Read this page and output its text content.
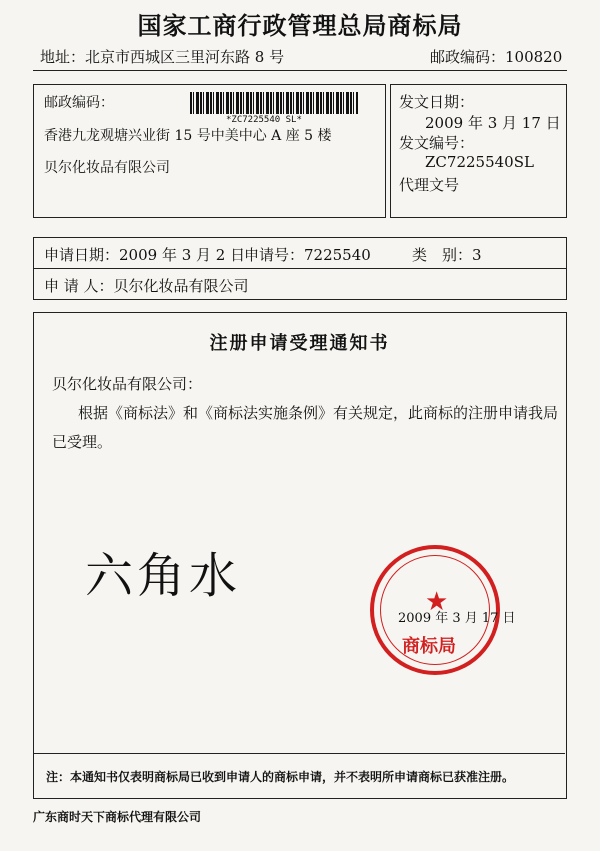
国家工商行政管理总局商标局
地址：北京市西城区三里河东路 8 号	邮政编码：100820
邮政编码：
香港九龙观塘兴业街 15 号中美中心 A 座 5 楼
贝尔化妆品有限公司
*ZC7225540 SL*
发文日期：
2009 年 3 月 17 日
发文编号：
ZC7225540SL
代理文号
申请日期：2009 年 3 月 2 日
申请号：7225540	类　别：3
申 请 人：贝尔化妆品有限公司
注册申请受理通知书
贝尔化妆品有限公司：
根据《商标法》和《商标法实施条例》有关规定，此商标的注册申请我局
已受理。
注：本通知书仅表明商标局已收到申请人的商标申请，并不表明所申请商标已获准注册。
六角水	★
商标局
2009 年 3 月 17 日
广东商时天下商标代理有限公司
